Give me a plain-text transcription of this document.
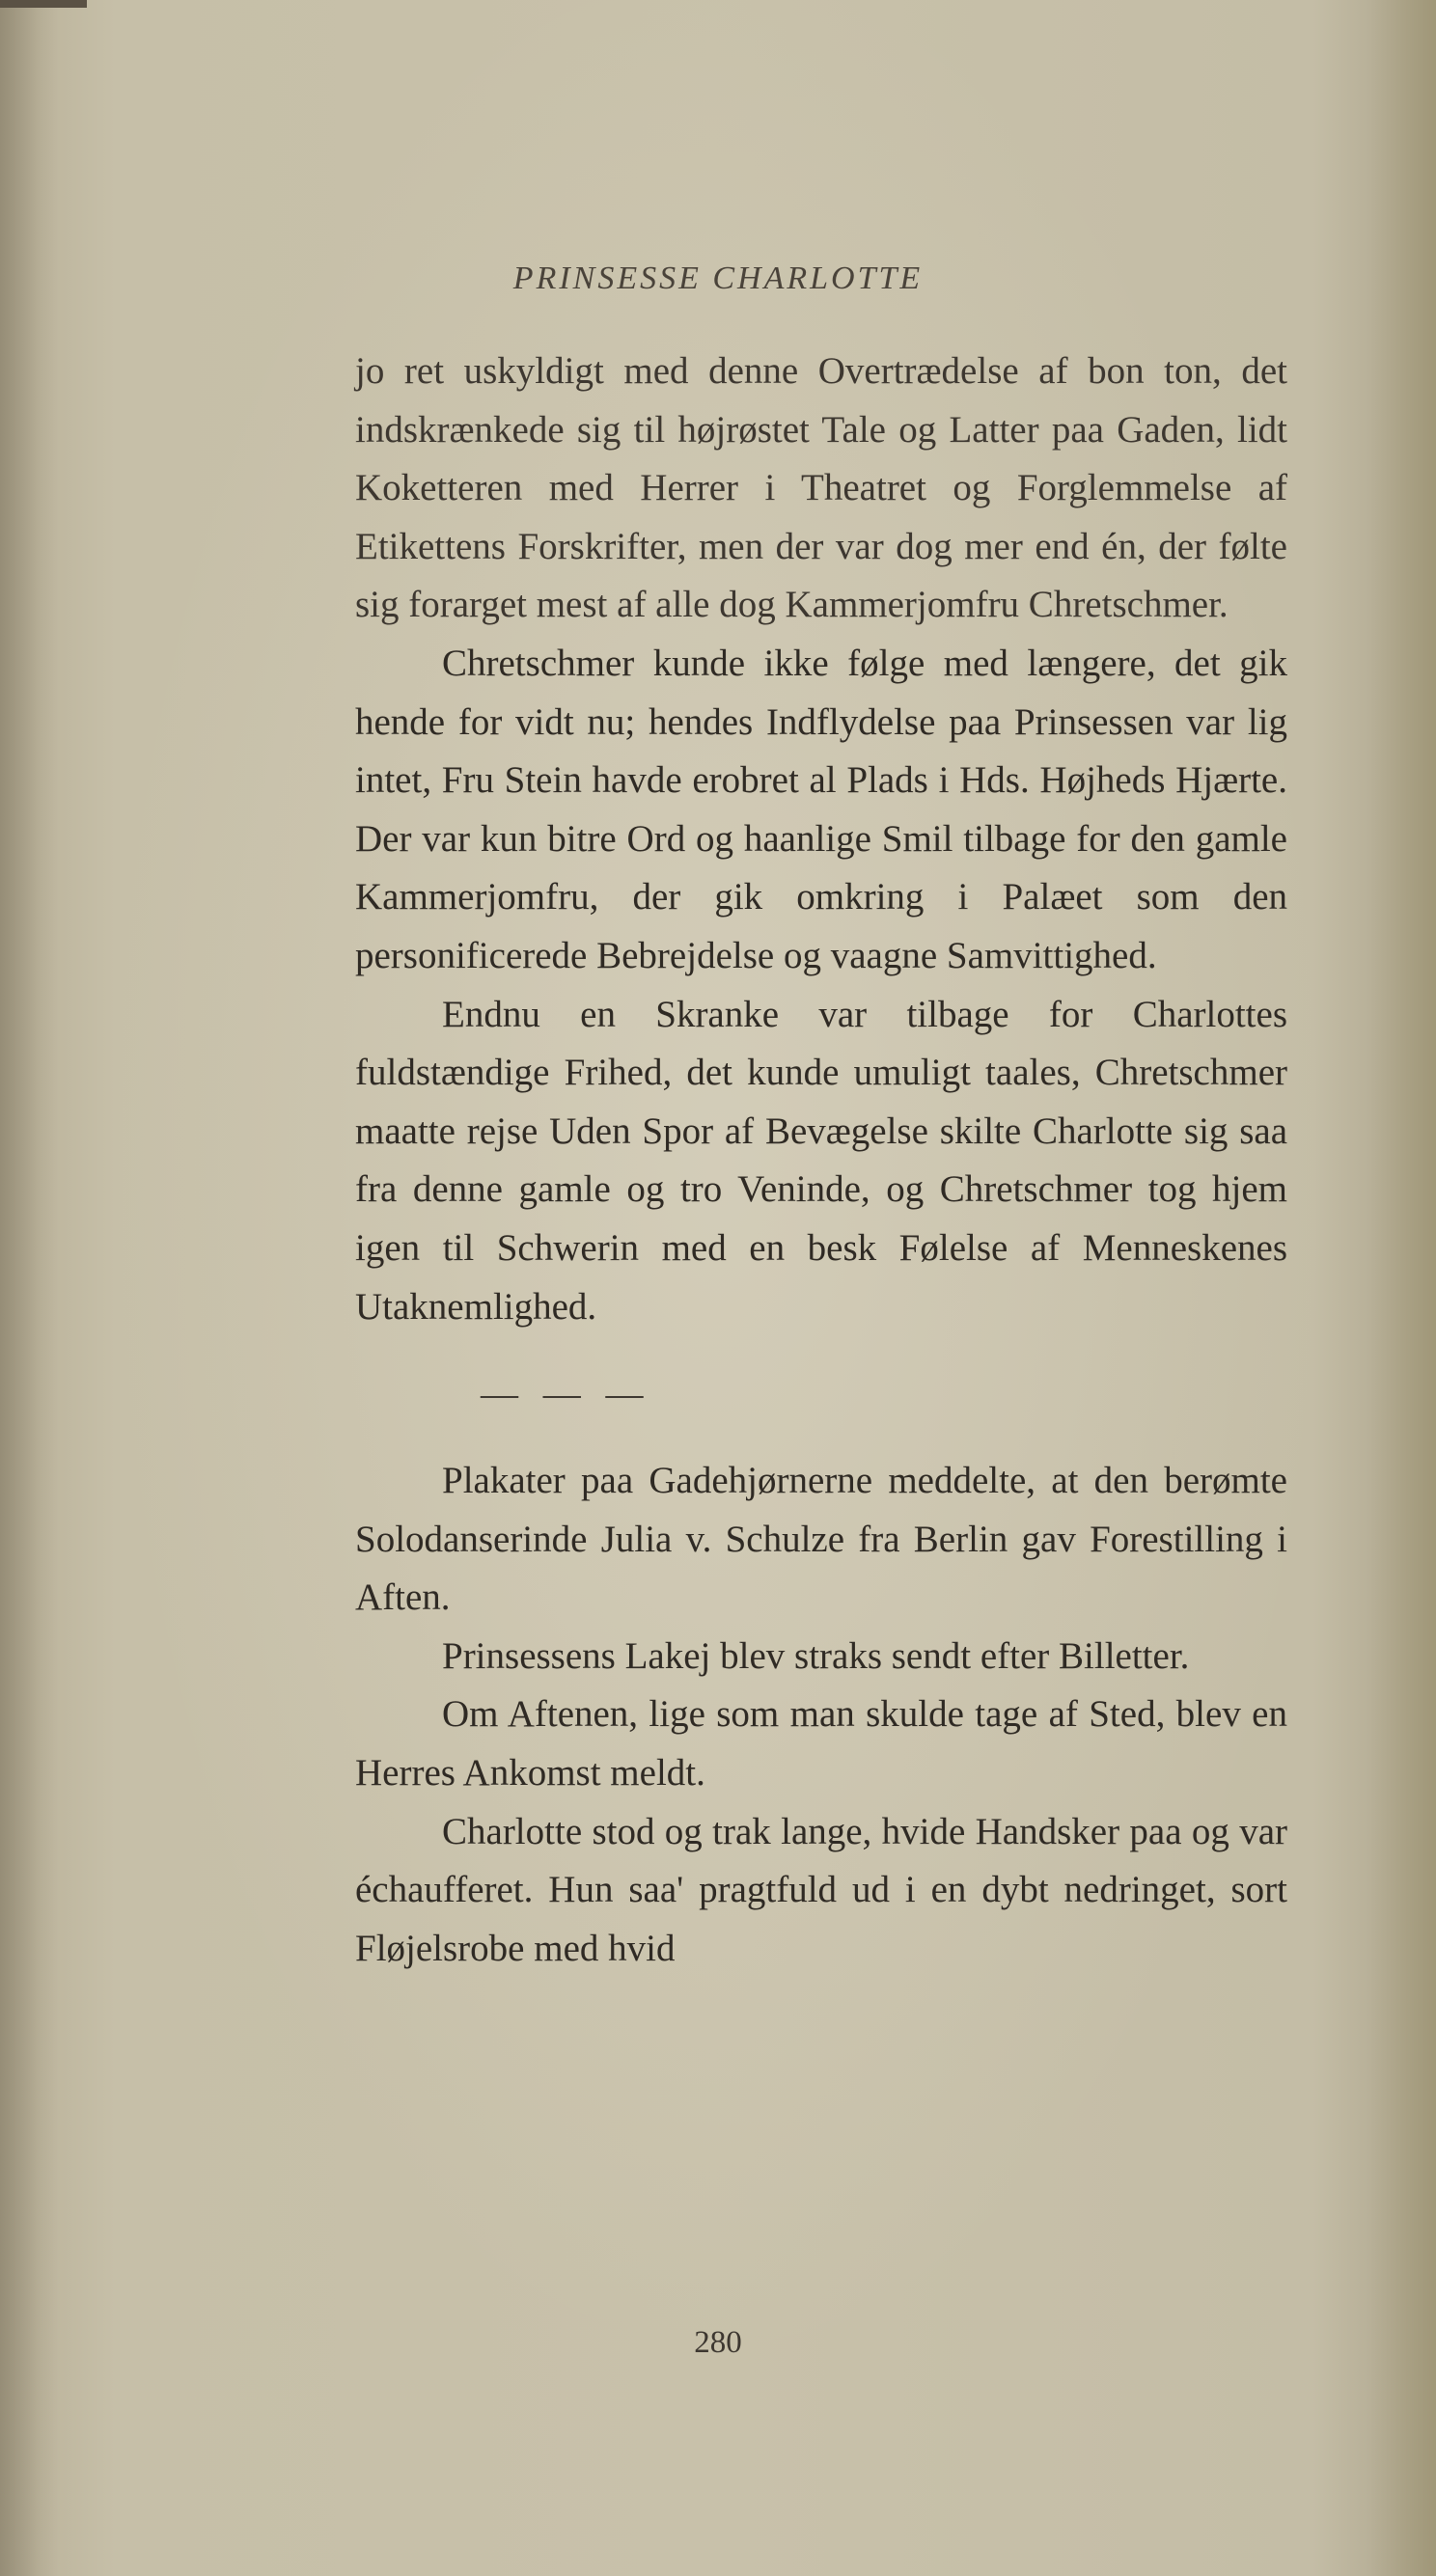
PRINSESSE CHARLOTTE

jo ret uskyldigt med denne Overtrædelse af bon ton, det indskrænkede sig til højrøstet Tale og Latter paa Gaden, lidt Koketteren med Herrer i Theatret og Forglemmelse af Etikettens Forskrifter, men der var dog mer end én, der følte sig forarget mest af alle dog Kammerjomfru Chretschmer.

Chretschmer kunde ikke følge med længere, det gik hende for vidt nu; hendes Indflydelse paa Prinsessen var lig intet, Fru Stein havde erobret al Plads i Hds. Højheds Hjærte. Der var kun bitre Ord og haanlige Smil tilbage for den gamle Kammerjomfru, der gik omkring i Palæet som den personificerede Bebrejdelse og vaagne Samvittighed.

Endnu en Skranke var tilbage for Charlottes fuldstændige Frihed, det kunde umuligt taales, Chretschmer maatte rejse Uden Spor af Bevægelse skilte Charlotte sig saa fra denne gamle og tro Veninde, og Chretschmer tog hjem igen til Schwerin med en besk Følelse af Menneskenes Utaknemlighed.

— — —

Plakater paa Gadehjørnerne meddelte, at den berømte Solodanserinde Julia v. Schulze fra Berlin gav Forestilling i Aften.

Prinsessens Lakej blev straks sendt efter Billetter.

Om Aftenen, lige som man skulde tage af Sted, blev en Herres Ankomst meldt.

Charlotte stod og trak lange, hvide Handsker paa og var échaufferet. Hun saa' pragtfuld ud i en dybt nedringet, sort Fløjelsrobe med hvid

280
